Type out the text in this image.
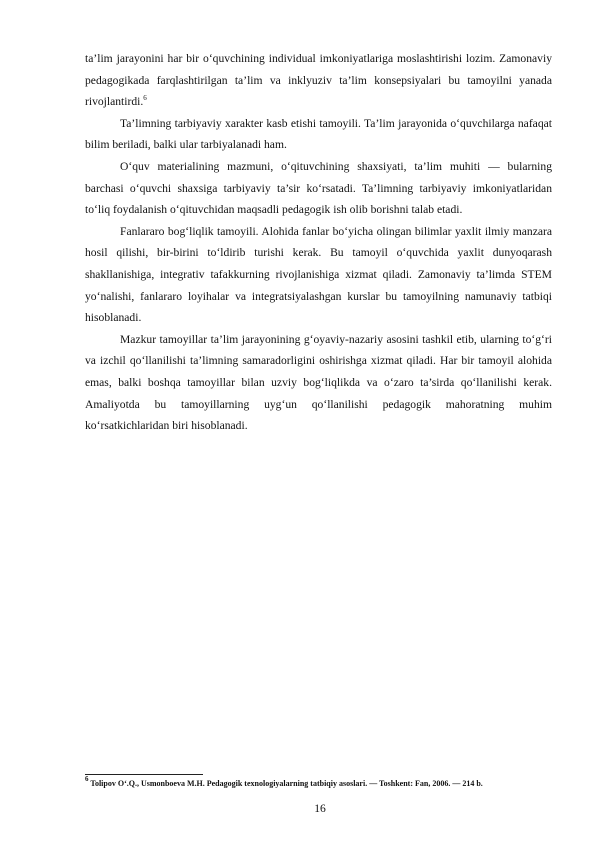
ta’lim jarayonini har bir o‘quvchining individual imkoniyatlariga moslashtirishi lozim. Zamonaviy pedagogikada farqlashtirilgan ta’lim va inklyuziv ta’lim konsepsiyalari bu tamoyilni yanada rivojlantirdi.$^6$

Ta’limning tarbiyaviy xarakter kasb etishi tamoyili. Ta’lim jarayonida o‘quvchilarga nafaqat bilim beriladi, balki ular tarbiyalanadi ham.

O‘quv materialining mazmuni, o‘qituvchining shaxsiyati, ta’lim muhiti — bularning barchasi o‘quvchi shaxsiga tarbiyaviy ta’sir ko‘rsatadi. Ta’limning tarbiyaviy imkoniyatlaridan to‘liq foydalanish o‘qituvchidan maqsadli pedagogik ish olib borishni talab etadi.

Fanlararo bog‘liqlik tamoyili. Alohida fanlar bo‘yicha olingan bilimlar yaxlit ilmiy manzara hosil qilishi, bir-birini to‘ldirib turishi kerak. Bu tamoyil o‘quvchida yaxlit dunyoqarash shakllanishiga, integrativ tafakkurning rivojlanishiga xizmat qiladi. Zamonaviy ta’limda STEM yo‘nalishi, fanlararo loyihalar va integratsiyalashgan kurslar bu tamoyilning namunaviy tatbiqi hisoblanadi.

Mazkur tamoyillar ta’lim jarayonining g‘oyaviy-nazariy asosini tashkil etib, ularning to‘g‘ri va izchil qo‘llanilishi ta’limning samaradorligini oshirishga xizmat qiladi. Har bir tamoyil alohida emas, balki boshqa tamoyillar bilan uzviy bog‘liqlikda va o‘zaro ta’sirda qo‘llanilishi kerak. Amaliyotda bu tamoyillarning uyg‘un qo‘llanilishi pedagogik mahoratning muhim ko‘rsatkichlaridan biri hisoblanadi.

$^6$ Tolipov O‘.Q., Usmonboeva M.H. Pedagogik texnologiyalarning tatbiqiy asoslari. — Toshkent: Fan, 2006. — 214 b.
16
